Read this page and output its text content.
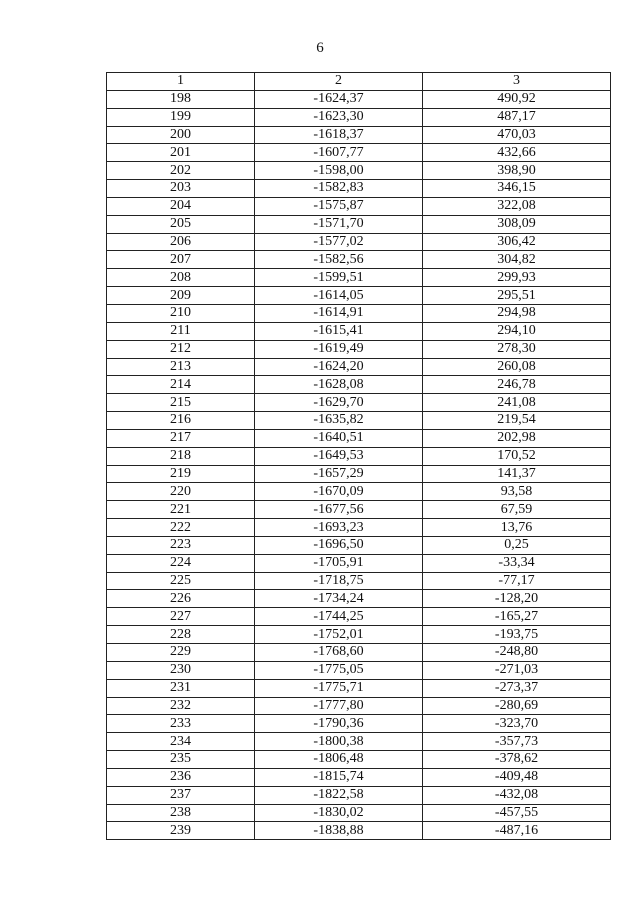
6
1	2	3
198	-1624,37	490,92
199	-1623,30	487,17
200	-1618,37	470,03
201	-1607,77	432,66
202	-1598,00	398,90
203	-1582,83	346,15
204	-1575,87	322,08
205	-1571,70	308,09
206	-1577,02	306,42
207	-1582,56	304,82
208	-1599,51	299,93
209	-1614,05	295,51
210	-1614,91	294,98
211	-1615,41	294,10
212	-1619,49	278,30
213	-1624,20	260,08
214	-1628,08	246,78
215	-1629,70	241,08
216	-1635,82	219,54
217	-1640,51	202,98
218	-1649,53	170,52
219	-1657,29	141,37
220	-1670,09	93,58
221	-1677,56	67,59
222	-1693,23	13,76
223	-1696,50	0,25
224	-1705,91	-33,34
225	-1718,75	-77,17
226	-1734,24	-128,20
227	-1744,25	-165,27
228	-1752,01	-193,75
229	-1768,60	-248,80
230	-1775,05	-271,03
231	-1775,71	-273,37
232	-1777,80	-280,69
233	-1790,36	-323,70
234	-1800,38	-357,73
235	-1806,48	-378,62
236	-1815,74	-409,48
237	-1822,58	-432,08
238	-1830,02	-457,55
239	-1838,88	-487,16
